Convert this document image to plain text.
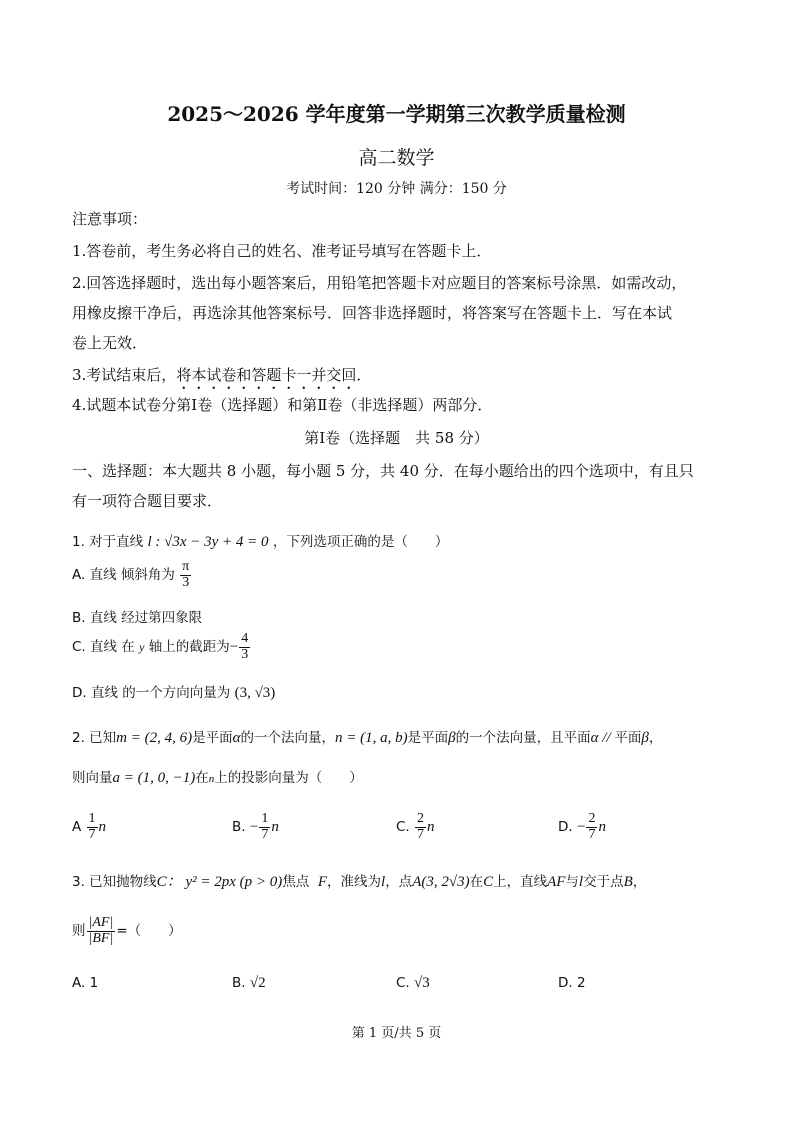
2025～2026 学年度第一学期第三次教学质量检测
高二数学
考试时间：120 分钟 满分：150 分
注意事项：
1.答卷前，考生务必将自己的姓名、准考证号填写在答题卡上．
2.回答选择题时，选出每小题答案后，用铅笔把答题卡对应题目的答案标号涂黑．如需改动，
用橡皮擦干净后，再选涂其他答案标号．回答非选择题时，将答案写在答题卡上．写在本试
卷上无效．
3.考试结束后，将本试卷和答题卡一并交回．
4.试题本试卷分第Ⅰ卷（选择题）和第Ⅱ卷（非选择题）两部分．
第Ⅰ卷（选择题　共 58 分）
一、选择题：本大题共 8 小题，每小题 5 分，共 40 分．在每小题给出的四个选项中，有且只
有一项符合题目要求．
1. 对于直线 l : √3x − 3y + 4 = 0 ，下列选项正确的是（　　）
A. 直线 倾斜角为 $\frac{\pi}{3}$
B. 直线 经过第四象限
C. 直线 在 y 轴上的截距为− $\frac{4}{3}$
D. 直线 的一个方向向量为 (3, √3)
2. 已知m = (2, 4, 6)是平面α的一个法向量，n = (1, a, b)是平面β的一个法向量，且平面α // 平面β，
则向量a = (1, 0, −1)在n上的投影向量为（　　）
A $\frac{1}{7}$ n	B. − $\frac{1}{7}$ n	C. $\frac{2}{7}$ n	D. − $\frac{2}{7}$ n
3. 已知抛物线C： y² = 2px (p > 0)焦点 F，准线为l，点A(3, 2√3)在C上，直线AF与l交于点B，
则 $\frac{|AF|}{|BF|}$ =（　　）
A. 1	B. √2	C. √3	D. 2
第 1 页/共 5 页
